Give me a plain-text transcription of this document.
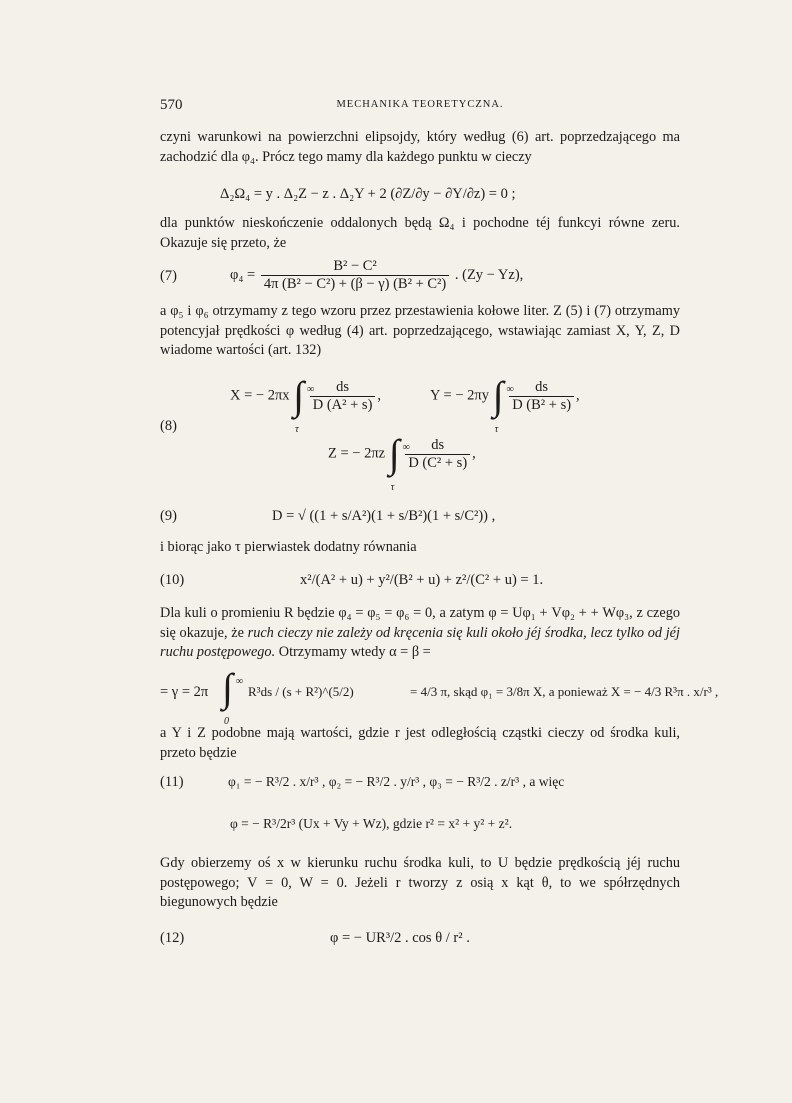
570	MECHANIKA TEORETYCZNA.
czyni warunkowi na powierzchni elipsojdy, który według (6) art. poprzedzającego ma zachodzić dla φ₄. Prócz tego mamy dla każdego punktu w cieczy
Δ₂Ω₄ = y . Δ₂Z − z . Δ₂Y + 2 (∂Z/∂y − ∂Y/∂z) = 0 ;
dla punktów nieskończenie oddalonych będą Ω₄ i pochodne téj funkcyi równe zeru. Okazuje się przeto, że
(7)	$\varphi_4 = \frac{\text{B² − C²}}{\text{4π (B² − C²) + (β − γ) (B² + C²)}}$ . (Zy − Yz),
a φ₅ i φ₆ otrzymamy z tego wzoru przez przestawienia kołowe liter. Z (5) i (7) otrzymamy potencyjał prędkości φ według (4) art. poprzedzającego, wstawiając zamiast X, Y, Z, D wiadome wartości (art. 132)
(8)
X = − 2πx ∫ ∞
τ

$\frac{ds}{\text{D (A² + s)}}$ ,	Y = − 2πy ∫ ∞
τ

$\frac{ds}{\text{D (B² + s)}}$ ,
Z = − 2πz ∫ ∞
τ

$\frac{ds}{\text{D (C² + s)}}$ ,
(9)	D = √ ((1 + s/A²)(1 + s/B²)(1 + s/C²)) ,
i biorąc jako τ pierwiastek dodatny równania
(10)	x²/(A² + u) + y²/(B² + u) + z²/(C² + u) = 1.
Dla kuli o promieniu R będzie φ₄ = φ₅ = φ₆ = 0, a zatym φ = Uφ₁ + Vφ₂ + + Wφ₃, z czego się okazuje, że ruch cieczy nie zależy od kręcenia się kuli około jéj środka, lecz tylko od jéj ruchu postępowego. Otrzymamy wtedy α = β =
= γ = 2π ∫ ∞
0
R³ds / (s + R²)^(5/2)	= 4/3 π, skąd φ₁ = 3/8π X, a ponieważ X = − 4/3 R³π . x/r³ ,
a Y i Z podobne mają wartości, gdzie r jest odległością cząstki cieczy od środka kuli, przeto będzie
(11)	φ₁ = − R³/2 . x/r³ , φ₂ = − R³/2 . y/r³ , φ₃ = − R³/2 . z/r³ , a więc
φ = − R³/2r³ (Ux + Vy + Wz), gdzie r² = x² + y² + z².
Gdy obierzemy oś x w kierunku ruchu środka kuli, to U będzie prędkością jéj ruchu postępowego; V = 0, W = 0. Jeżeli r tworzy z osią x kąt θ, to we spółrzędnych biegunowych będzie
(12)	φ = − UR³/2 . cos θ / r² .
